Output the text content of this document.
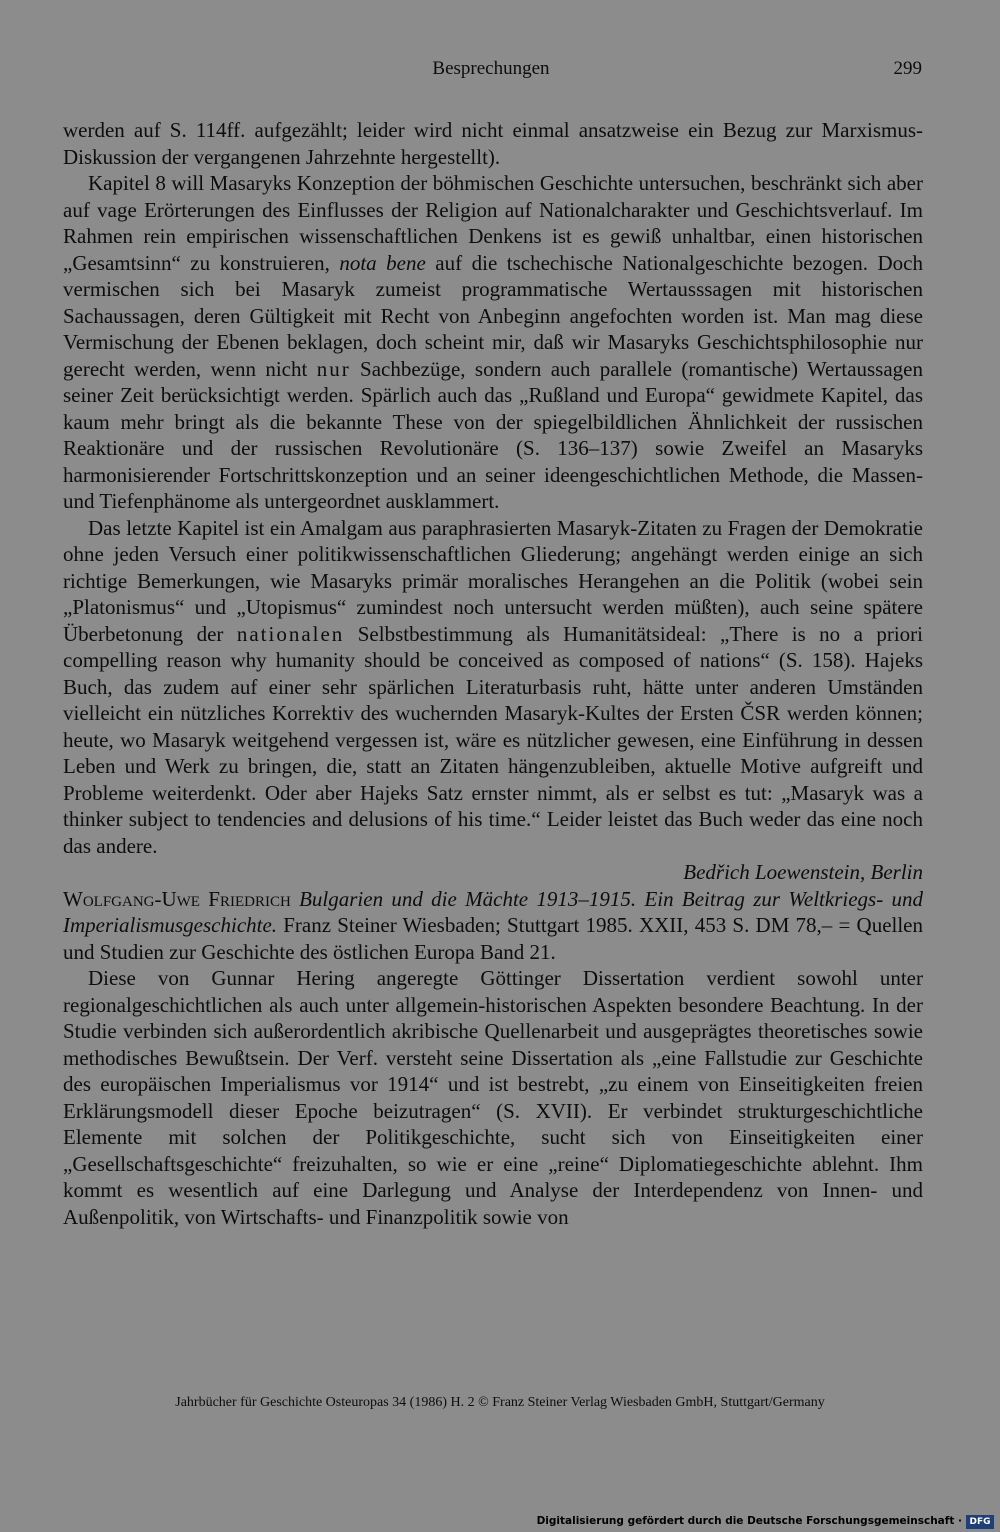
Besprechungen	299

werden auf S. 114ff. aufgezählt; leider wird nicht einmal ansatzweise ein Bezug zur Marxismus-Diskussion der vergangenen Jahrzehnte hergestellt).

Kapitel 8 will Masaryks Konzeption der böhmischen Geschichte untersuchen, beschränkt sich aber auf vage Erörterungen des Einflusses der Religion auf Nationalcharakter und Geschichtsverlauf. Im Rahmen rein empirischen wissenschaftlichen Denkens ist es gewiß unhaltbar, einen historischen „Gesamtsinn“ zu konstruieren, nota bene auf die tschechische Nationalgeschichte bezogen. Doch vermischen sich bei Masaryk zumeist programmatische Wertausssagen mit historischen Sachaussagen, deren Gültigkeit mit Recht von Anbeginn angefochten worden ist. Man mag diese Vermischung der Ebenen beklagen, doch scheint mir, daß wir Masaryks Geschichtsphilosophie nur gerecht werden, wenn nicht nur Sachbezüge, sondern auch parallele (romantische) Wertaussagen seiner Zeit berücksichtigt werden. Spärlich auch das „Rußland und Europa“ gewidmete Kapitel, das kaum mehr bringt als die bekannte These von der spiegelbildlichen Ähnlichkeit der russischen Reaktionäre und der russischen Revolutionäre (S. 136–137) sowie Zweifel an Masaryks harmonisierender Fortschrittskonzeption und an seiner ideengeschichtlichen Methode, die Massen- und Tiefenphänome als untergeordnet ausklammert.

Das letzte Kapitel ist ein Amalgam aus paraphrasierten Masaryk-Zitaten zu Fragen der Demokratie ohne jeden Versuch einer politikwissenschaftlichen Gliederung; angehängt werden einige an sich richtige Bemerkungen, wie Masaryks primär moralisches Herangehen an die Politik (wobei sein „Platonismus“ und „Utopismus“ zumindest noch untersucht werden müßten), auch seine spätere Überbetonung der nationalen Selbstbestimmung als Humanitätsideal: „There is no a priori compelling reason why humanity should be conceived as composed of nations“ (S. 158). Hajeks Buch, das zudem auf einer sehr spärlichen Literaturbasis ruht, hätte unter anderen Umständen vielleicht ein nützliches Korrektiv des wuchernden Masaryk-Kultes der Ersten ČSR werden können; heute, wo Masaryk weitgehend vergessen ist, wäre es nützlicher gewesen, eine Einführung in dessen Leben und Werk zu bringen, die, statt an Zitaten hängenzubleiben, aktuelle Motive aufgreift und Probleme weiterdenkt. Oder aber Hajeks Satz ernster nimmt, als er selbst es tut: „Masaryk was a thinker subject to tendencies and delusions of his time.“ Leider leistet das Buch weder das eine noch das andere.

Bedřich Loewenstein, Berlin

Wolfgang-Uwe Friedrich Bulgarien und die Mächte 1913–1915. Ein Beitrag zur Weltkriegs- und Imperialismusgeschichte. Franz Steiner Wiesbaden; Stuttgart 1985. XXII, 453 S. DM 78,– = Quellen und Studien zur Geschichte des östlichen Europa Band 21.

Diese von Gunnar Hering angeregte Göttinger Dissertation verdient sowohl unter regionalgeschichtlichen als auch unter allgemein-historischen Aspekten besondere Beachtung. In der Studie verbinden sich außerordentlich akribische Quellenarbeit und ausgeprägtes theoretisches sowie methodisches Bewußtsein. Der Verf. versteht seine Dissertation als „eine Fallstudie zur Geschichte des europäischen Imperialismus vor 1914“ und ist bestrebt, „zu einem von Einseitigkeiten freien Erklärungsmodell dieser Epoche beizutragen“ (S. XVII). Er verbindet strukturgeschichtliche Elemente mit solchen der Politikgeschichte, sucht sich von Einseitigkeiten einer „Gesellschaftsgeschichte“ freizuhalten, so wie er eine „reine“ Diplomatiegeschichte ablehnt. Ihm kommt es wesentlich auf eine Darlegung und Analyse der Interdependenz von Innen- und Außenpolitik, von Wirtschafts- und Finanzpolitik sowie von

Jahrbücher für Geschichte Osteuropas 34 (1986) H. 2 © Franz Steiner Verlag Wiesbaden GmbH, Stuttgart/Germany
Digitalisierung gefördert durch die Deutsche Forschungsgemeinschaft · DFG
